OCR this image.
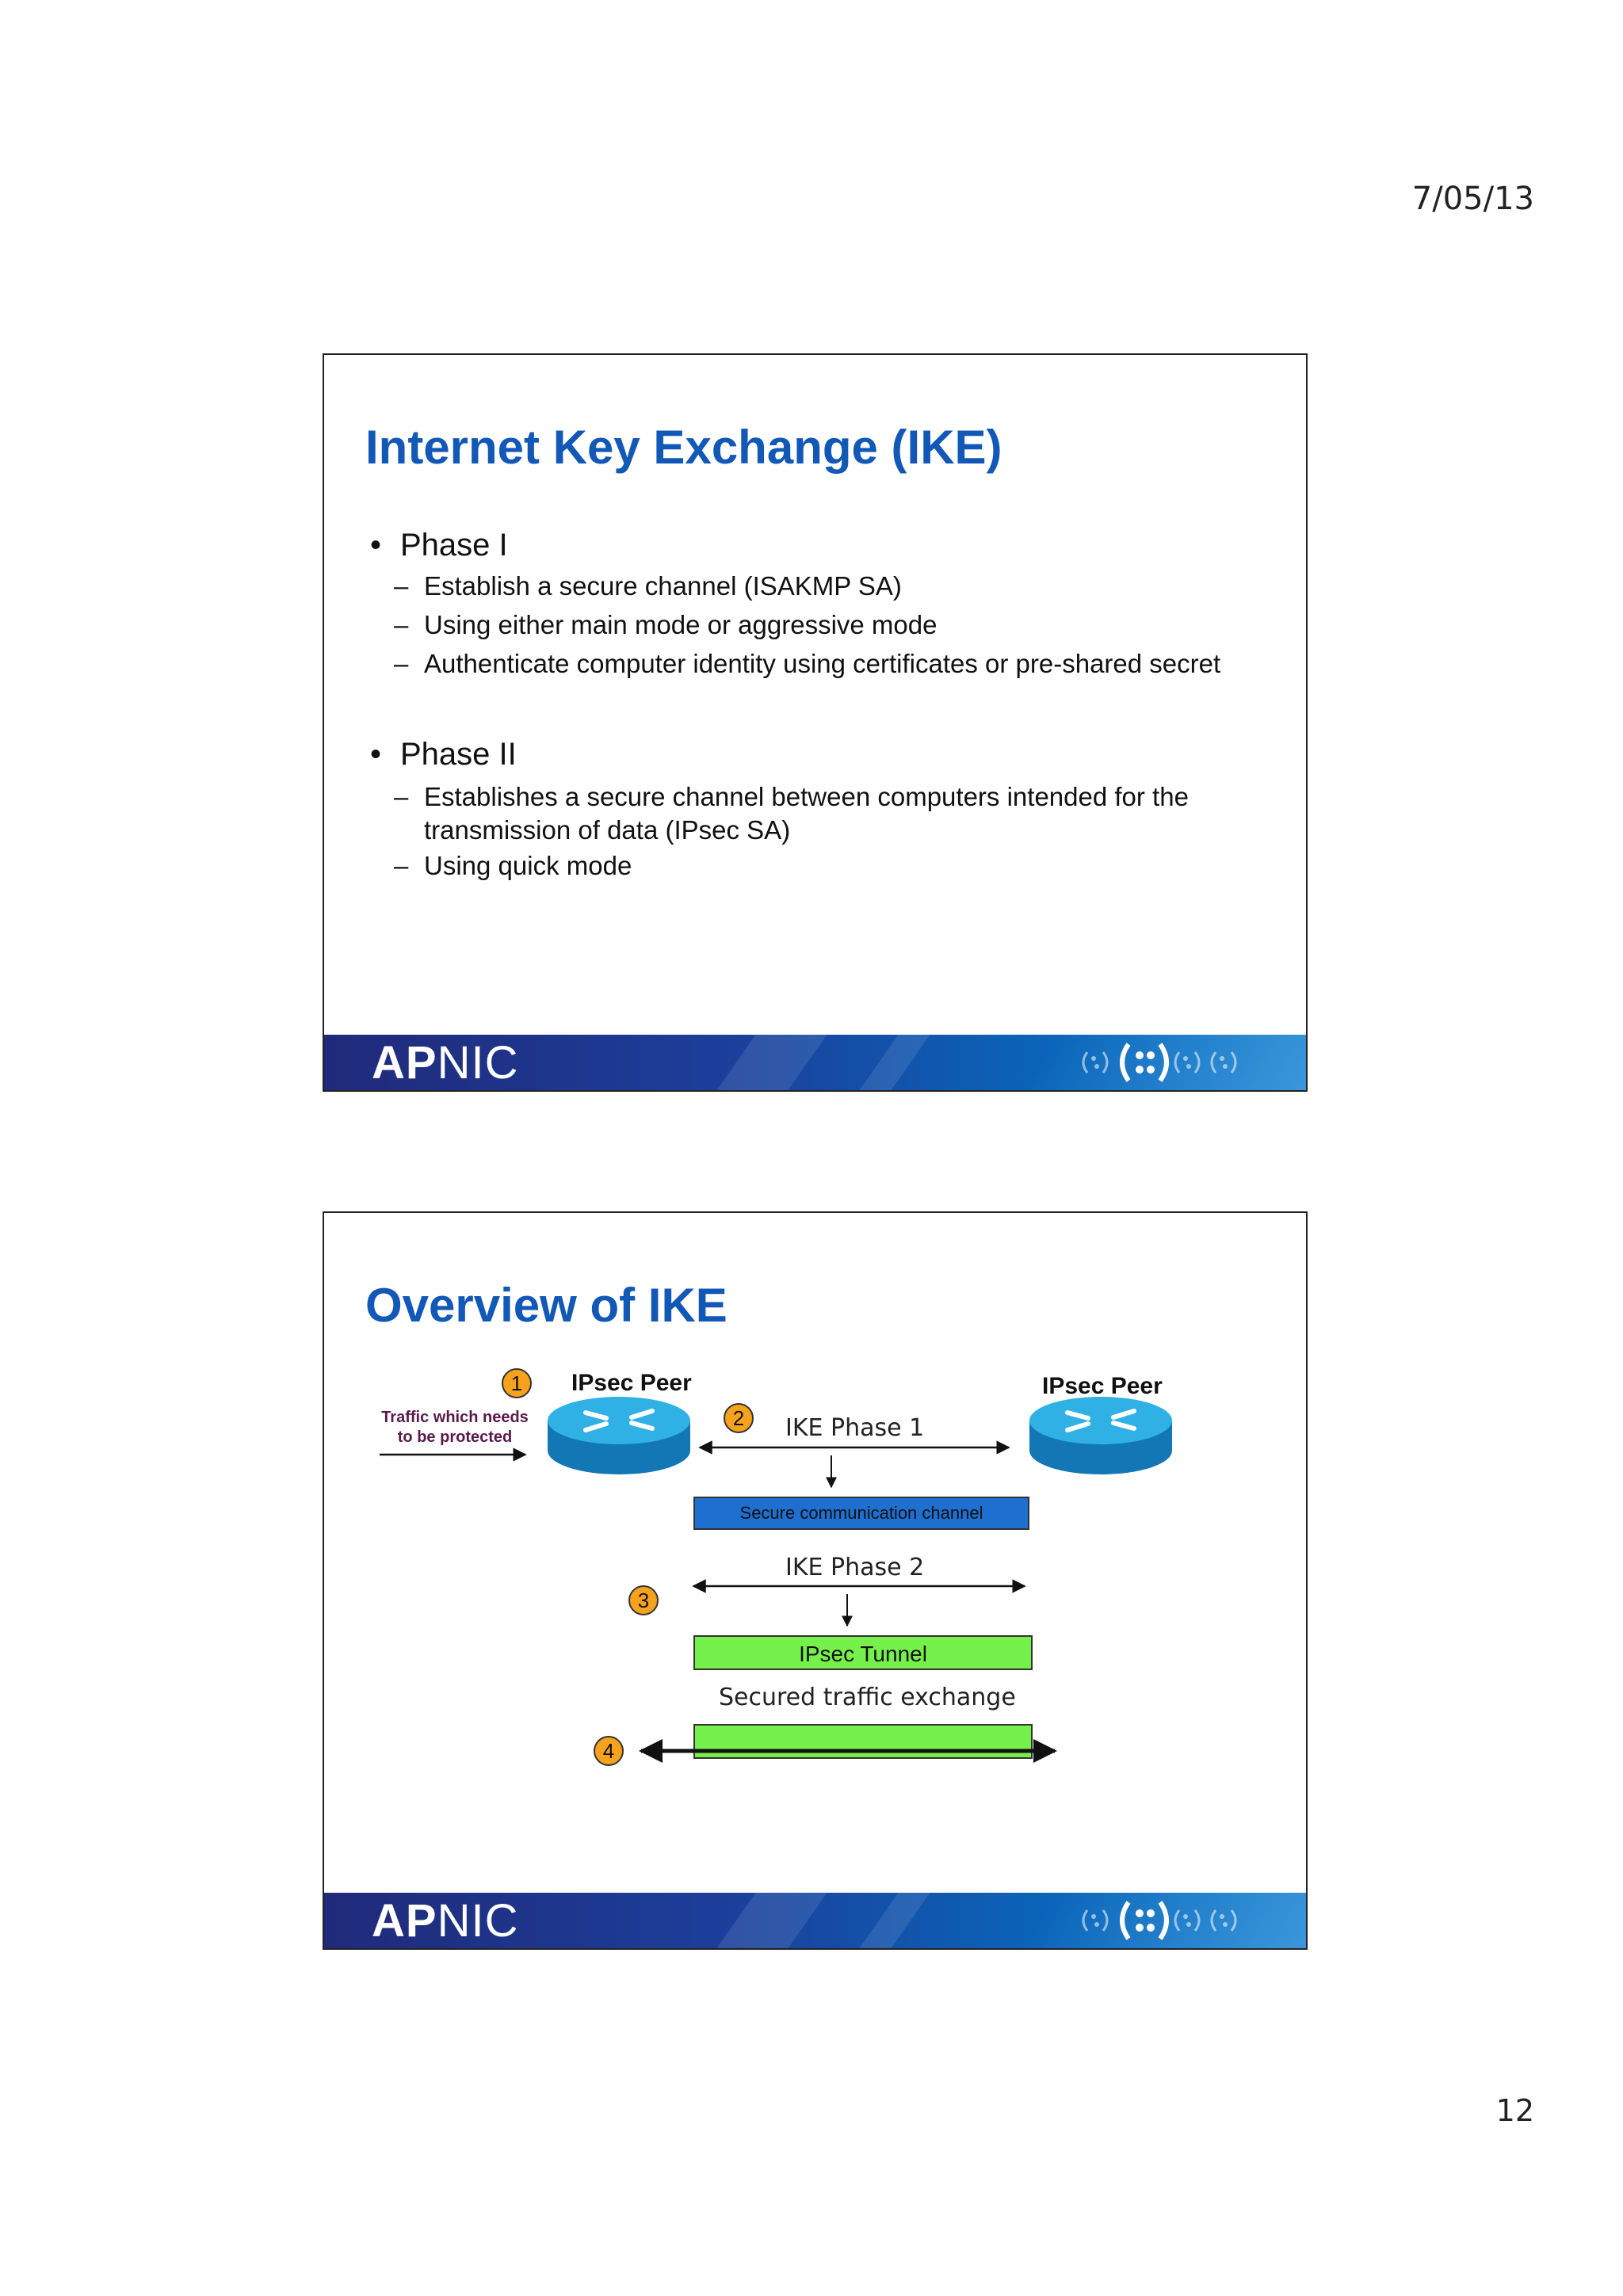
7/05/13
Internet Key Exchange (IKE)
• Phase I
– Establish a secure channel (ISAKMP SA)
– Using either main mode or aggressive mode
– Authenticate computer identity using certificates or pre-shared secret
• Phase II
– Establishes a secure channel between computers intended for the
transmission of data (IPsec SA)
– Using quick mode
APNIC
Overview of IKE
1	IPsec Peer	IPsec Peer
Traffic which needs
to be protected
2	IKE Phase 1
Secure communication channel
IKE Phase 2
3
IPsec Tunnel
Secured traffic exchange
4
APNIC
12
